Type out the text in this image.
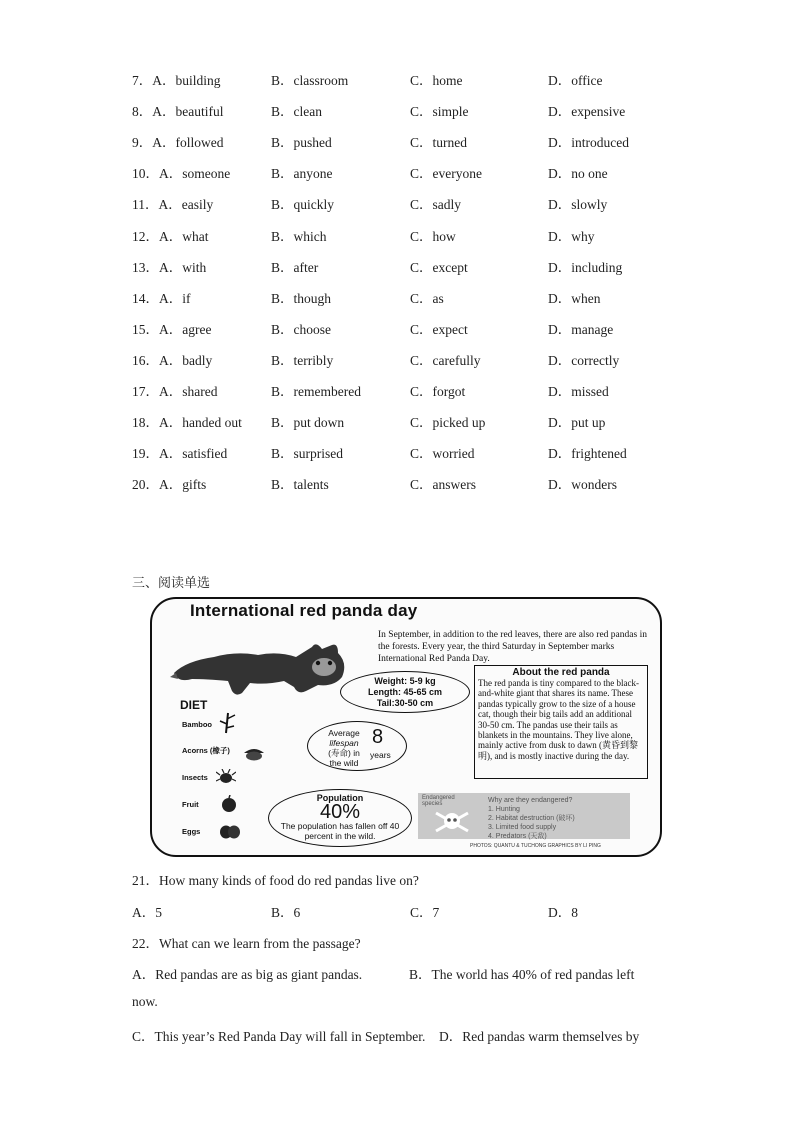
7．A．building	B．classroom	C．home	D．office
8．A．beautiful	B．clean	C．simple	D．expensive
9．A．followed	B．pushed	C．turned	D．introduced
10．A．someone	B．anyone	C．everyone	D．no one
11．A．easily	B．quickly	C．sadly	D．slowly
12．A．what	B．which	C．how	D．why
13．A．with	B．after	C．except	D．including
14．A．if	B．though	C．as	D．when
15．A．agree	B．choose	C．expect	D．manage
16．A．badly	B．terribly	C．carefully	D．correctly
17．A．shared	B．remembered	C．forgot	D．missed
18．A．handed out B．put down	C．picked up	D．put up
19．A．satisfied	B．surprised	C．worried	D．frightened
20．A．gifts	B．talents	C．answers	D．wonders
三、阅读单选
International red panda day
In September, in addition to the red leaves, there are also red pandas in the forests. Every year, the third Saturday in September marks International Red Panda Day.
DIET
Bamboo
Acorns (橡子)
Insects
Fruit
Eggs
Weight: 5-9 kg
Length: 45-65 cm
Tail:30-50 cm
Average
lifespan
(寿命) in
the wild
8
years
About the red panda
The red panda is tiny compared to the black-and-white giant that shares its name. These pandas typically grow to the size of a house cat, though their big tails add an additional 30-50 cm. The pandas use their tails as blankets in the mountains. They live alone, mainly active from dusk to dawn (黄昏到黎明), and is mostly inactive during the day.
Population
40%
The population has fallen off 40 percent in the wild.
Endangered species	Why are they endangered?
1. Hunting
2. Habitat destruction (破坏)
3. Limited food supply
4. Predators (天敌)
PHOTOS: QUANTU & TUCHONG GRAPHICS BY LI PING
21．How many kinds of food do red pandas live on?
A．5	B．6	C．7	D．8
22．What can we learn from the passage?
A．Red pandas are as big as giant pandas.	B．The world has 40% of red pandas left
now.
C．This year’s Red Panda Day will fall in September. D．Red pandas warm themselves by
